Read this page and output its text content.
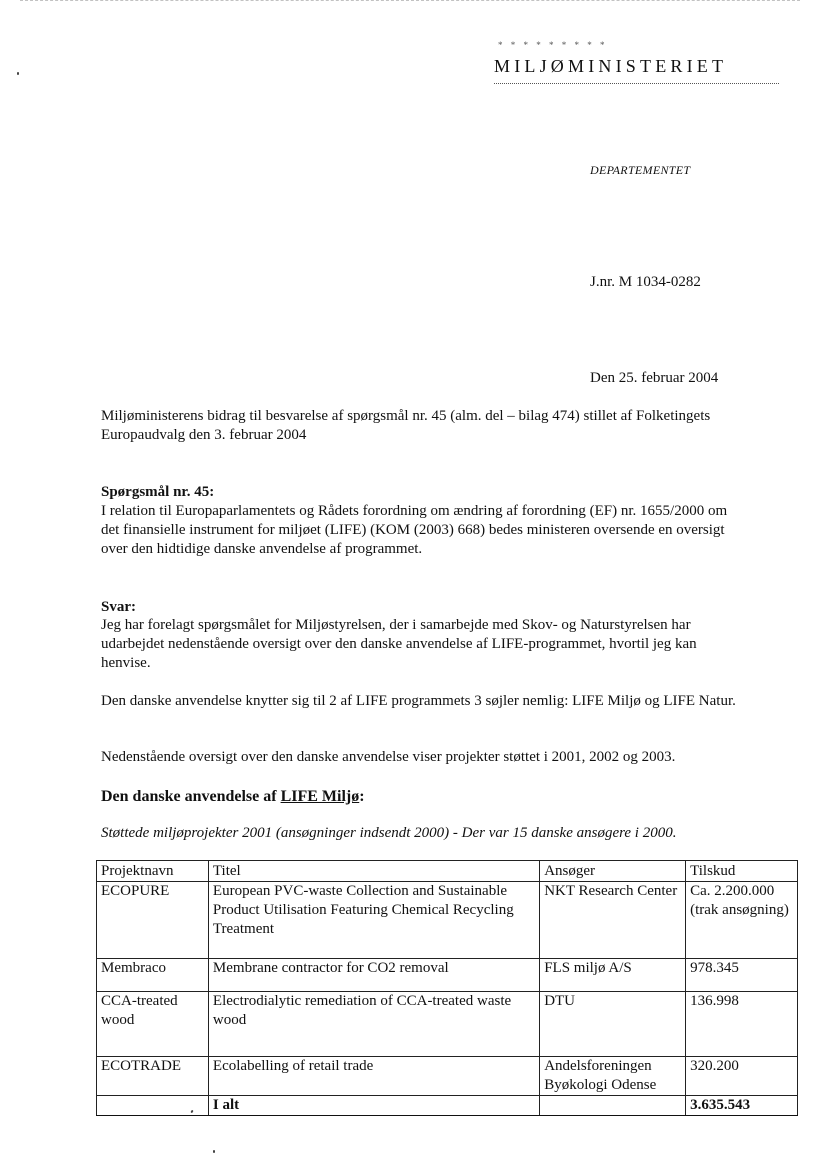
* * * * * * * * *
MILJØMINISTERIET
DEPARTEMENTET
J.nr. M 1034-0282
Den 25. februar 2004
Miljøministerens bidrag til besvarelse af spørgsmål nr. 45 (alm. del – bilag 474) stillet af Folketingets Europaudvalg den 3. februar 2004
Spørgsmål nr. 45:
I relation til Europaparlamentets og Rådets forordning om ændring af forordning (EF) nr. 1655/2000 om det finansielle instrument for miljøet (LIFE) (KOM (2003) 668) bedes ministeren oversende en oversigt over den hidtidige danske anvendelse af programmet.
Svar:
Jeg har forelagt spørgsmålet for Miljøstyrelsen, der i samarbejde med Skov- og Naturstyrelsen har udarbejdet nedenstående oversigt over den danske anvendelse af LIFE-programmet, hvortil jeg kan henvise.
Den danske anvendelse knytter sig til 2 af LIFE programmets 3 søjler nemlig: LIFE Miljø og LIFE Natur.
Nedenstående oversigt over den danske anvendelse viser projekter støttet i 2001, 2002 og 2003.
Den danske anvendelse af LIFE Miljø:
Støttede miljøprojekter 2001 (ansøgninger indsendt 2000) - Der var 15 danske ansøgere i 2000.
Projektnavn	Titel	Ansøger	Tilskud
ECOPURE	European PVC-waste Collection and Sustainable Product Utilisation Featuring Chemical Recycling Treatment	NKT Research Center	Ca. 2.200.000 (trak ansøgning)
Membraco	Membrane contractor for CO2 removal	FLS miljø A/S	978.345
CCA-treated wood	Electrodialytic remediation of CCA-treated waste wood	DTU	136.998
ECOTRADE	Ecolabelling of retail trade	Andelsforeningen Byøkologi Odense	320.200
	I alt		3.635.543
